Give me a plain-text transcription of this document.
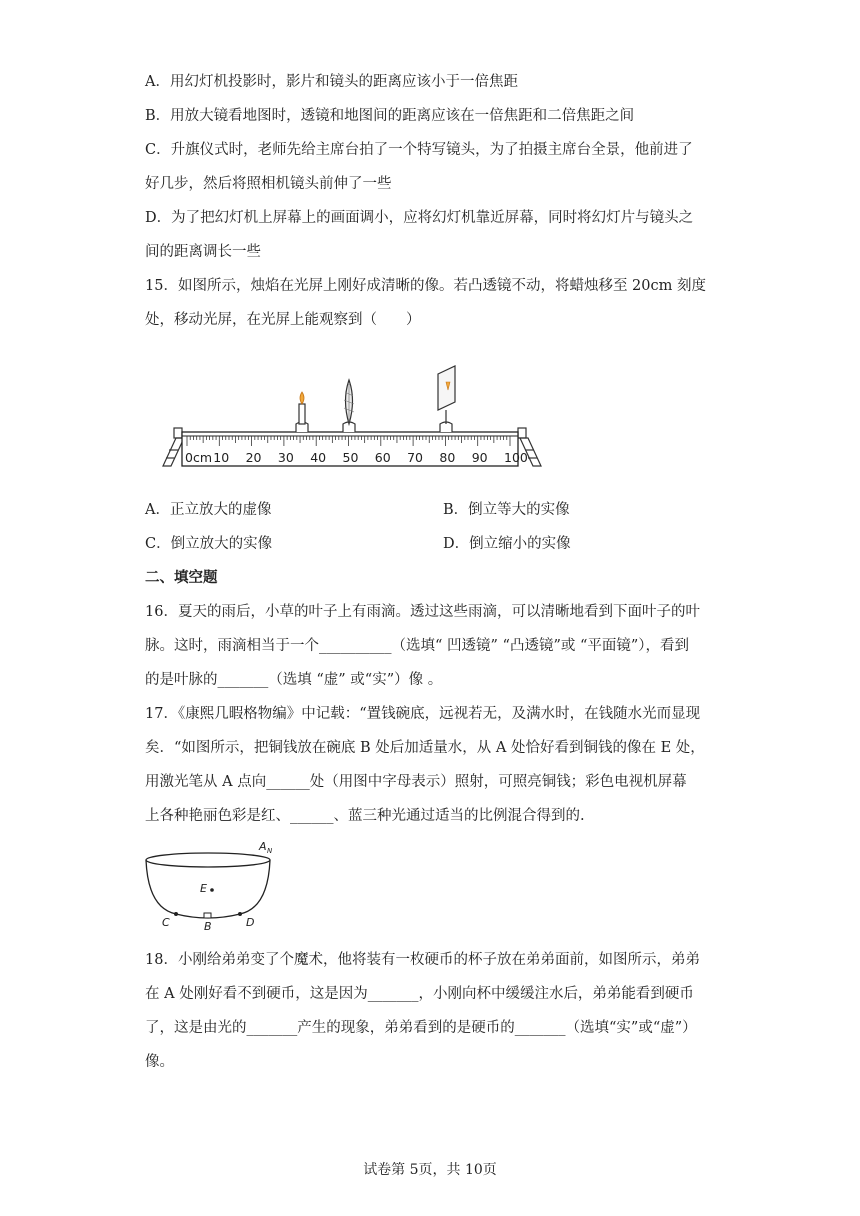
A．用幻灯机投影时，影片和镜头的距离应该小于一倍焦距
B．用放大镜看地图时，透镜和地图间的距离应该在一倍焦距和二倍焦距之间
C．升旗仪式时，老师先给主席台拍了一个特写镜头，为了拍摄主席台全景，他前进了
好几步，然后将照相机镜头前伸了一些
D．为了把幻灯机上屏幕上的画面调小，应将幻灯机靠近屏幕，同时将幻灯片与镜头之
间的距离调长一些
15．如图所示，烛焰在光屏上刚好成清晰的像。若凸透镜不动，将蜡烛移至 20cm 刻度
处，移动光屏，在光屏上能观察到（　　）
0cm 10 20 30 40 50 60 70 80 90 100
A．正立放大的虚像	B．倒立等大的实像
C．倒立放大的实像	D．倒立缩小的实像
二、填空题
16．夏天的雨后，小草的叶子上有雨滴。透过这些雨滴，可以清晰地看到下面叶子的叶
脉。这时，雨滴相当于一个__________（选填“ 凹透镜” “凸透镜”或 “平面镜”），看到
的是叶脉的_______（选填 “虚” 或“实”）像 。
17．《康熙几暇格物编》中记载：“置钱碗底，远视若无，及满水时，在钱随水光而显现
矣．“如图所示，把铜钱放在碗底 B 处后加适量水，从 A 处恰好看到铜钱的像在 E 处，
用激光笔从 A 点向______处（用图中字母表示）照射，可照亮铜钱；彩色电视机屏幕
上各种艳丽色彩是红、______、蓝三种光通过适当的比例混合得到的.
A N
E
C	B	D
18．小刚给弟弟变了个魔术，他将装有一枚硬币的杯子放在弟弟面前，如图所示，弟弟
在 A 处刚好看不到硬币，这是因为_______，小刚向杯中缓缓注水后，弟弟能看到硬币
了，这是由光的_______产生的现象，弟弟看到的是硬币的_______（选填“实”或“虚”）
像。
试卷第 5页，共 10页
